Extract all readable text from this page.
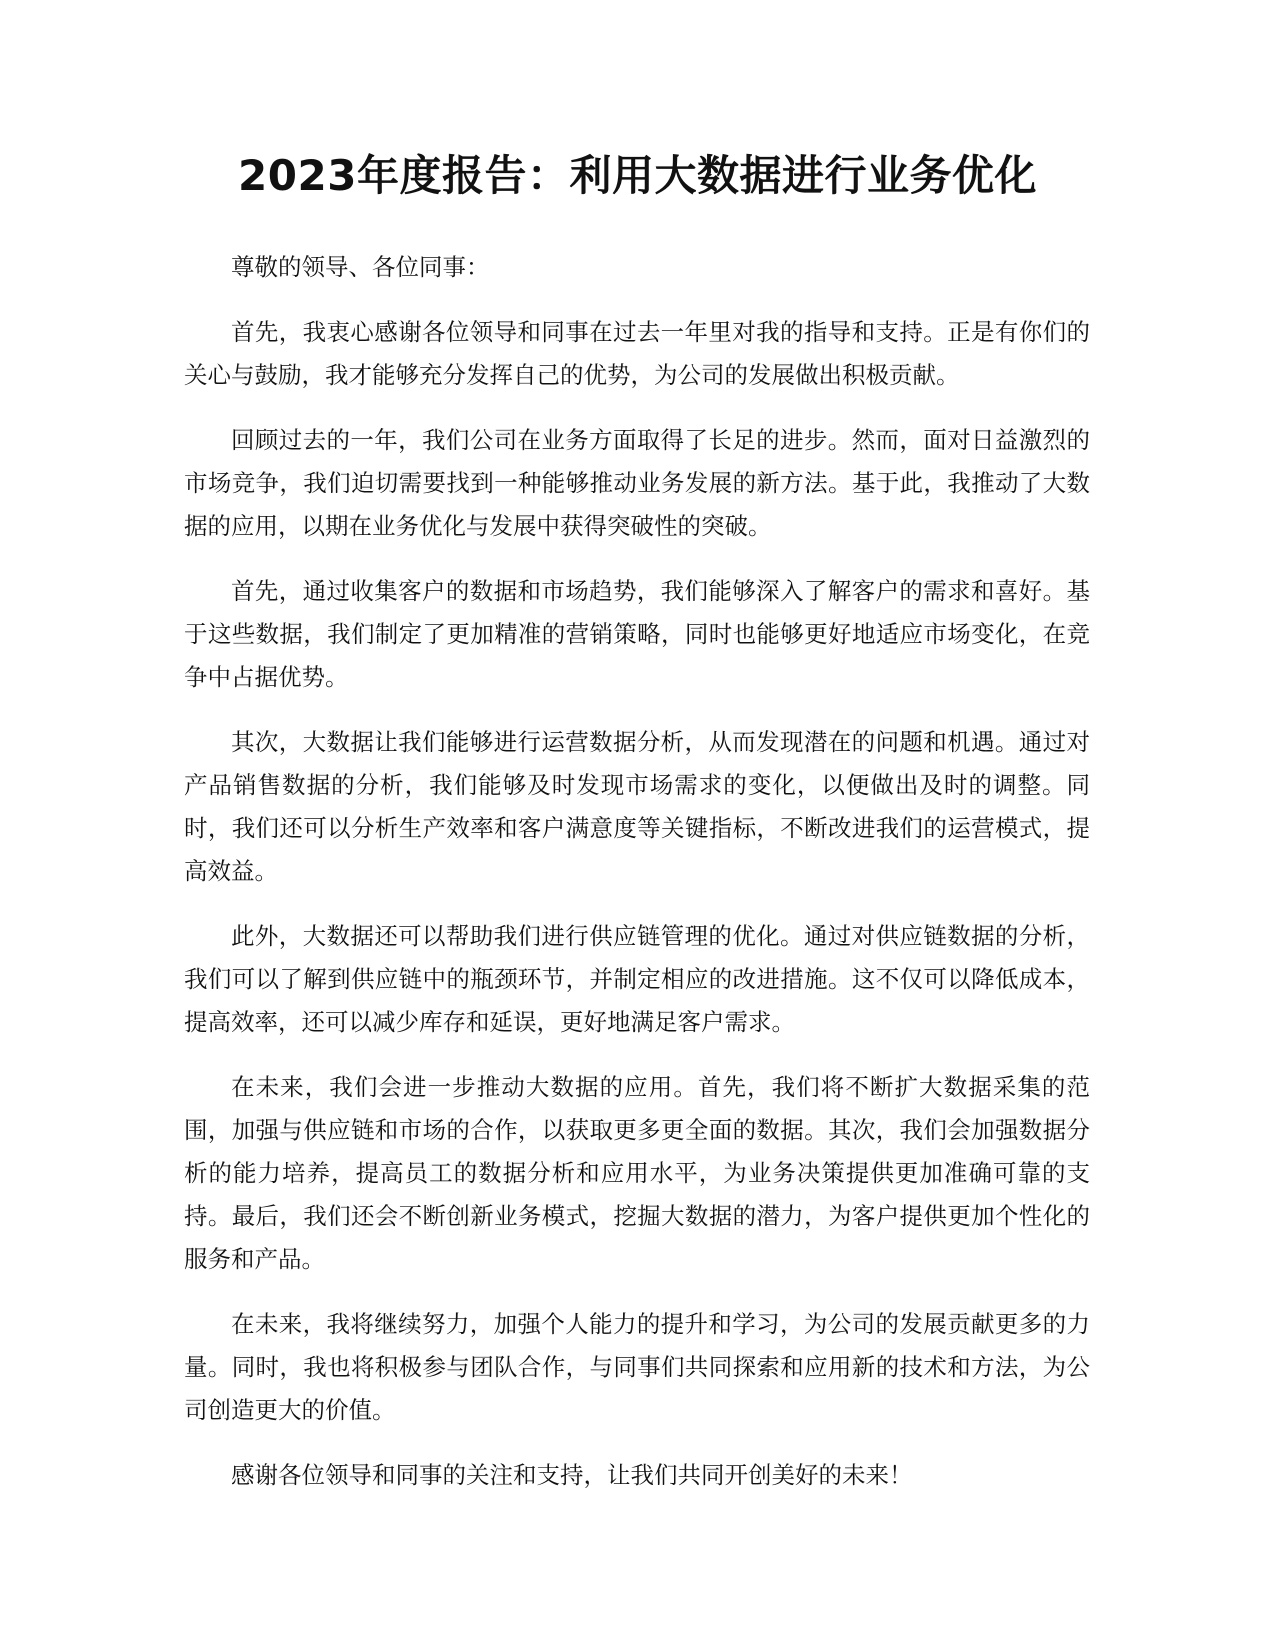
2023年度报告：利用大数据进行业务优化

尊敬的领导、各位同事：

首先，我衷心感谢各位领导和同事在过去一年里对我的指导和支持。正是有你们的关心与鼓励，我才能够充分发挥自己的优势，为公司的发展做出积极贡献。

回顾过去的一年，我们公司在业务方面取得了长足的进步。然而，面对日益激烈的市场竞争，我们迫切需要找到一种能够推动业务发展的新方法。基于此，我推动了大数据的应用，以期在业务优化与发展中获得突破性的突破。

首先，通过收集客户的数据和市场趋势，我们能够深入了解客户的需求和喜好。基于这些数据，我们制定了更加精准的营销策略，同时也能够更好地适应市场变化，在竞争中占据优势。

其次，大数据让我们能够进行运营数据分析，从而发现潜在的问题和机遇。通过对产品销售数据的分析，我们能够及时发现市场需求的变化，以便做出及时的调整。同时，我们还可以分析生产效率和客户满意度等关键指标，不断改进我们的运营模式，提高效益。

此外，大数据还可以帮助我们进行供应链管理的优化。通过对供应链数据的分析，我们可以了解到供应链中的瓶颈环节，并制定相应的改进措施。这不仅可以降低成本，提高效率，还可以减少库存和延误，更好地满足客户需求。

在未来，我们会进一步推动大数据的应用。首先，我们将不断扩大数据采集的范围，加强与供应链和市场的合作，以获取更多更全面的数据。其次，我们会加强数据分析的能力培养，提高员工的数据分析和应用水平，为业务决策提供更加准确可靠的支持。最后，我们还会不断创新业务模式，挖掘大数据的潜力，为客户提供更加个性化的服务和产品。

在未来，我将继续努力，加强个人能力的提升和学习，为公司的发展贡献更多的力量。同时，我也将积极参与团队合作，与同事们共同探索和应用新的技术和方法，为公司创造更大的价值。

感谢各位领导和同事的关注和支持，让我们共同开创美好的未来！
